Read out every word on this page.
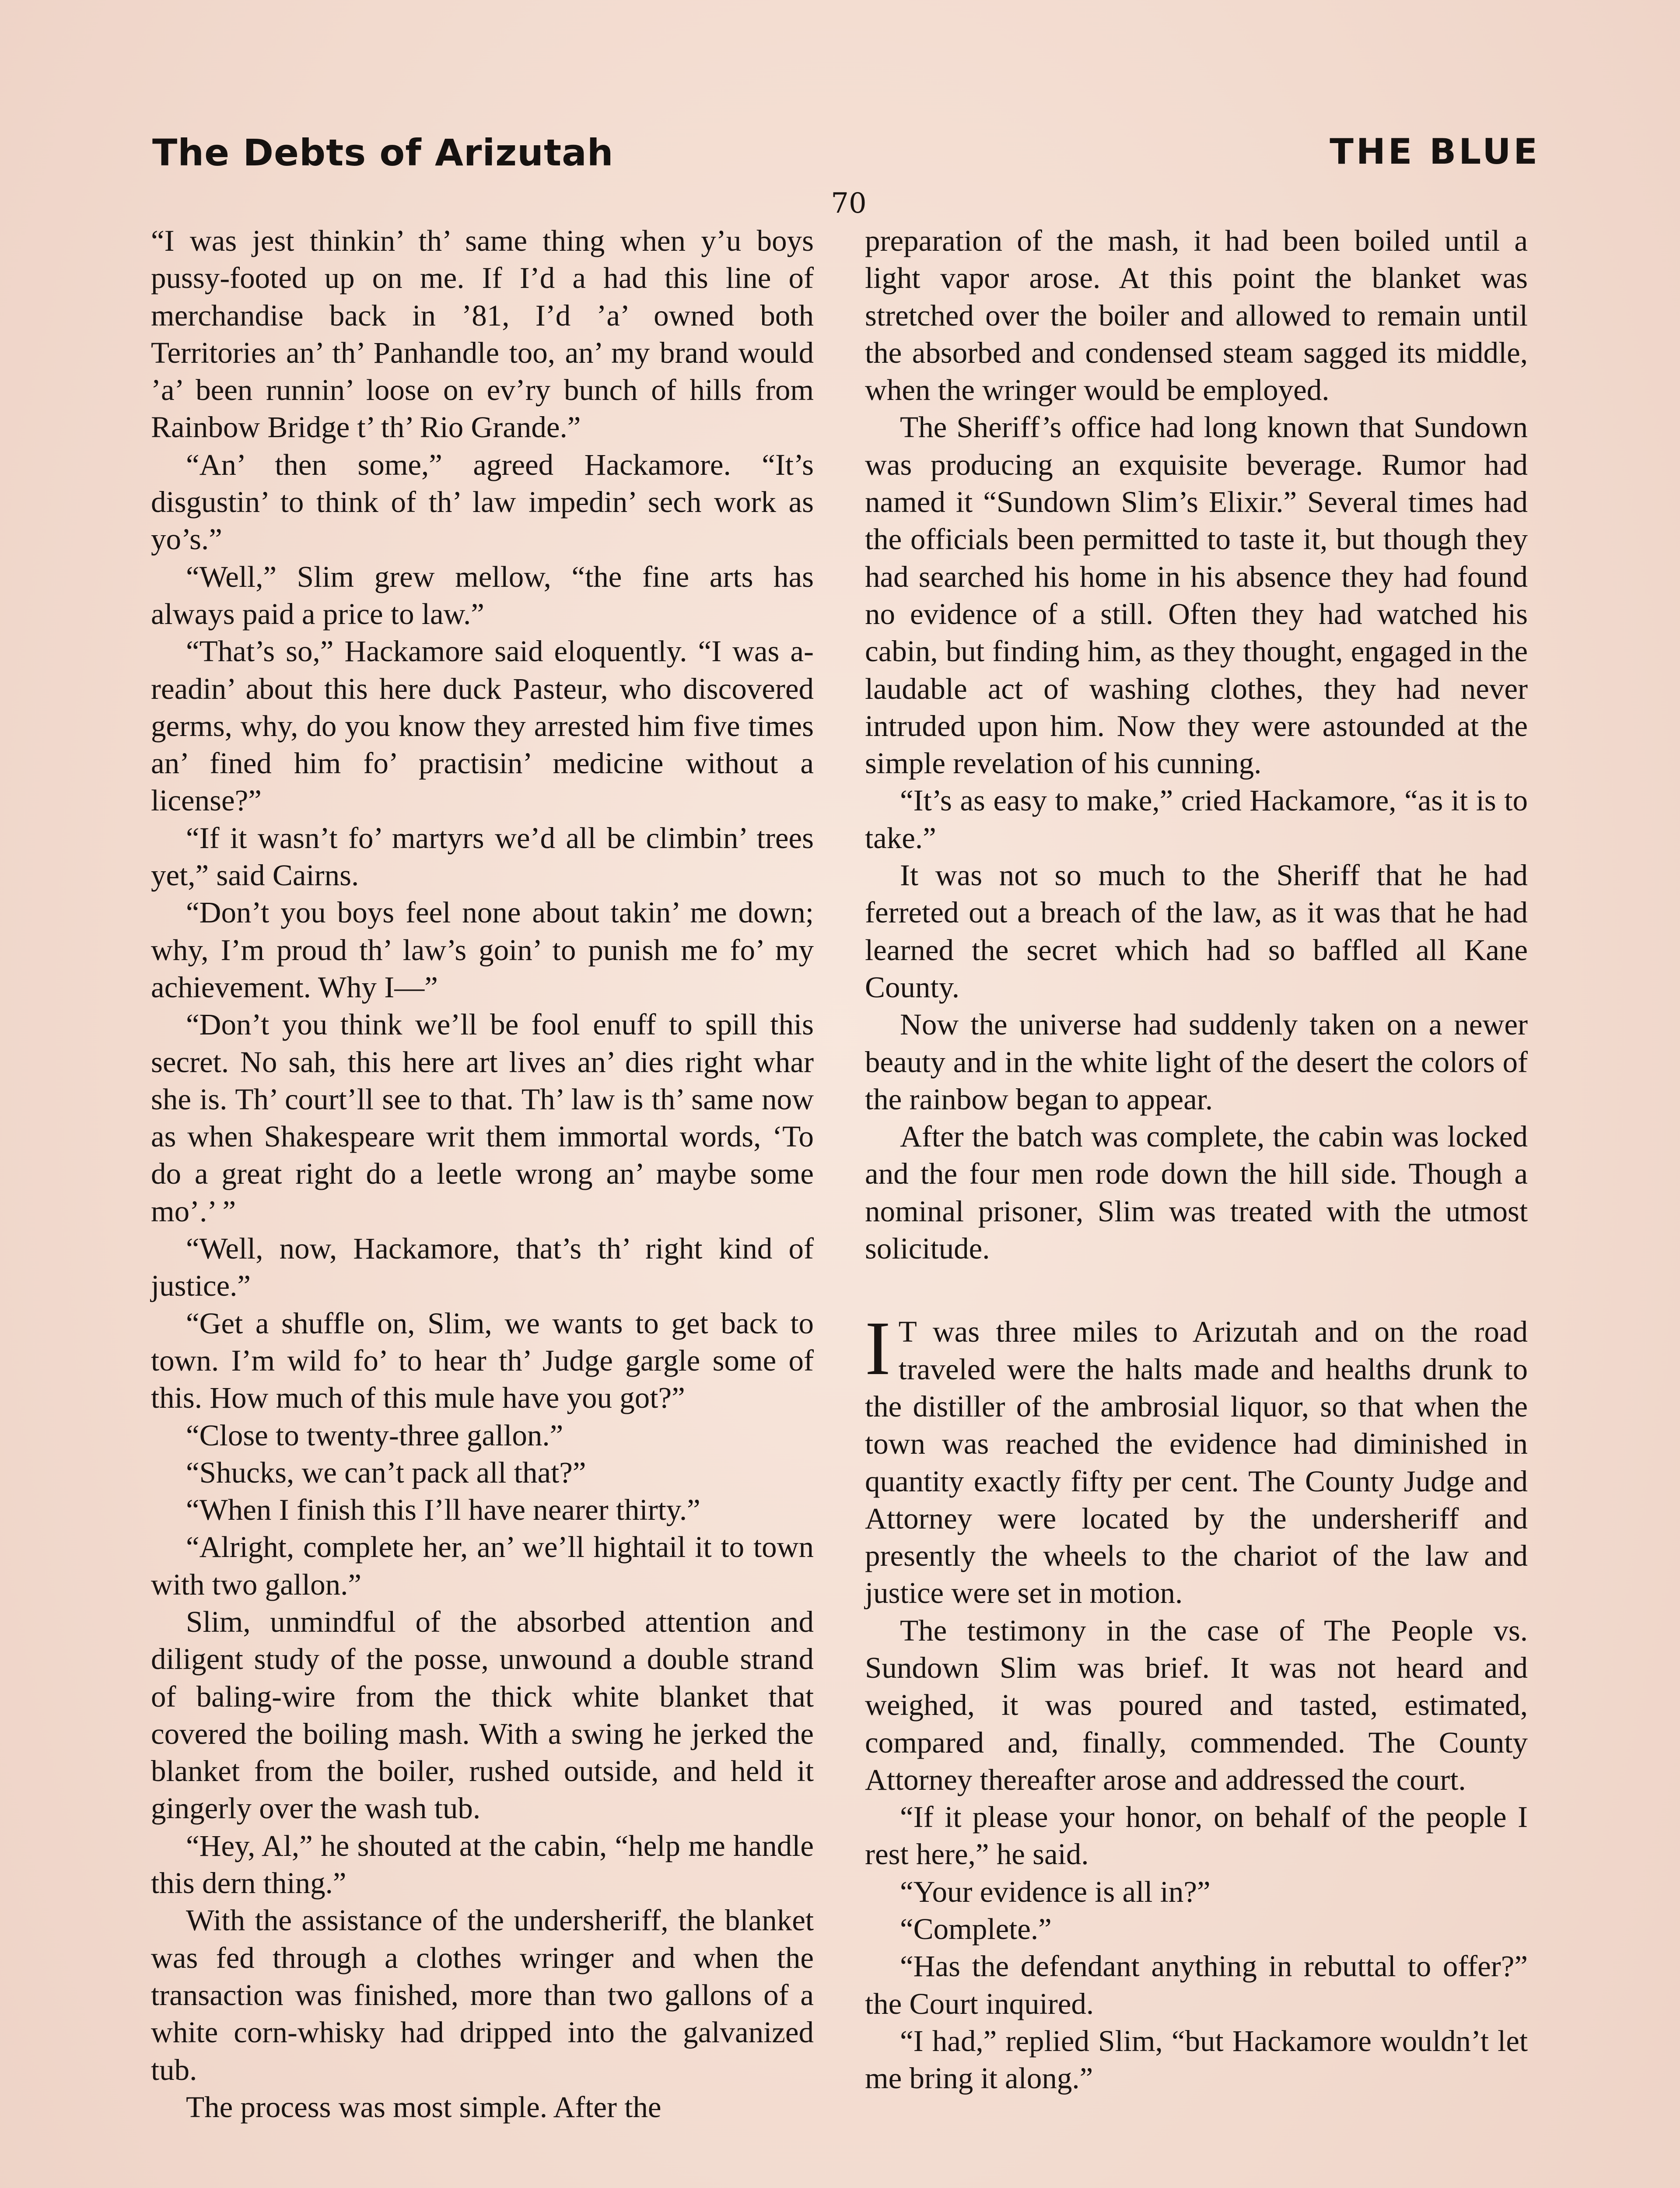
The Debts of Arizutah	THE BLUE
70

“I was jest thinkin’ th’ same thing when y’u boys pussy-footed up on me. If I’d a had this line of merchandise back in ’81, I’d ’a’ owned both Territories an’ th’ Panhandle too, an’ my brand would ’a’ been runnin’ loose on ev’ry bunch of hills from Rainbow Bridge t’ th’ Rio Grande.”

“An’ then some,” agreed Hackamore. “It’s disgustin’ to think of th’ law impedin’ sech work as yo’s.”

“Well,” Slim grew mellow, “the fine arts has always paid a price to law.”

“That’s so,” Hackamore said eloquently. “I was a-readin’ about this here duck Pasteur, who discovered germs, why, do you know they arrested him five times an’ fined him fo’ practisin’ medicine without a license?”

“If it wasn’t fo’ martyrs we’d all be climbin’ trees yet,” said Cairns.

“Don’t you boys feel none about takin’ me down; why, I’m proud th’ law’s goin’ to punish me fo’ my achievement. Why I—”

“Don’t you think we’ll be fool enuff to spill this secret. No sah, this here art lives an’ dies right whar she is. Th’ court’ll see to that. Th’ law is th’ same now as when Shakespeare writ them immortal words, ‘To do a great right do a leetle wrong an’ maybe some mo’.’ ”

“Well, now, Hackamore, that’s th’ right kind of justice.”

“Get a shuffle on, Slim, we wants to get back to town. I’m wild fo’ to hear th’ Judge gargle some of this. How much of this mule have you got?”

“Close to twenty-three gallon.”

“Shucks, we can’t pack all that?”

“When I finish this I’ll have nearer thirty.”

“Alright, complete her, an’ we’ll hightail it to town with two gallon.”

Slim, unmindful of the absorbed attention and diligent study of the posse, unwound a double strand of baling-wire from the thick white blanket that covered the boiling mash. With a swing he jerked the blanket from the boiler, rushed outside, and held it gingerly over the wash tub.

“Hey, Al,” he shouted at the cabin, “help me handle this dern thing.”

With the assistance of the undersheriff, the blanket was fed through a clothes wringer and when the transaction was finished, more than two gallons of a white corn-whisky had dripped into the galvanized tub.

The process was most simple. After the

preparation of the mash, it had been boiled until a light vapor arose. At this point the blanket was stretched over the boiler and allowed to remain until the absorbed and condensed steam sagged its middle, when the wringer would be employed.

The Sheriff’s office had long known that Sundown was producing an exquisite beverage. Rumor had named it “Sundown Slim’s Elixir.” Several times had the officials been permitted to taste it, but though they had searched his home in his absence they had found no evidence of a still. Often they had watched his cabin, but finding him, as they thought, engaged in the laudable act of washing clothes, they had never intruded upon him. Now they were astounded at the simple revelation of his cunning.

“It’s as easy to make,” cried Hackamore, “as it is to take.”

It was not so much to the Sheriff that he had ferreted out a breach of the law, as it was that he had learned the secret which had so baffled all Kane County.

Now the universe had suddenly taken on a newer beauty and in the white light of the desert the colors of the rainbow began to appear.

After the batch was complete, the cabin was locked and the four men rode down the hill side. Though a nominal prisoner, Slim was treated with the utmost solicitude.

I T was three miles to Arizutah and on the road traveled were the halts made and healths drunk to the distiller of the ambrosial liquor, so that when the town was reached the evidence had diminished in quantity exactly fifty per cent. The County Judge and Attorney were located by the undersheriff and presently the wheels to the chariot of the law and justice were set in motion.

The testimony in the case of The People vs. Sundown Slim was brief. It was not heard and weighed, it was poured and tasted, estimated, compared and, finally, commended. The County Attorney thereafter arose and addressed the court.

“If it please your honor, on behalf of the people I rest here,” he said.

“Your evidence is all in?”

“Complete.”

“Has the defendant anything in rebuttal to offer?” the Court inquired.

“I had,” replied Slim, “but Hackamore wouldn’t let me bring it along.”
